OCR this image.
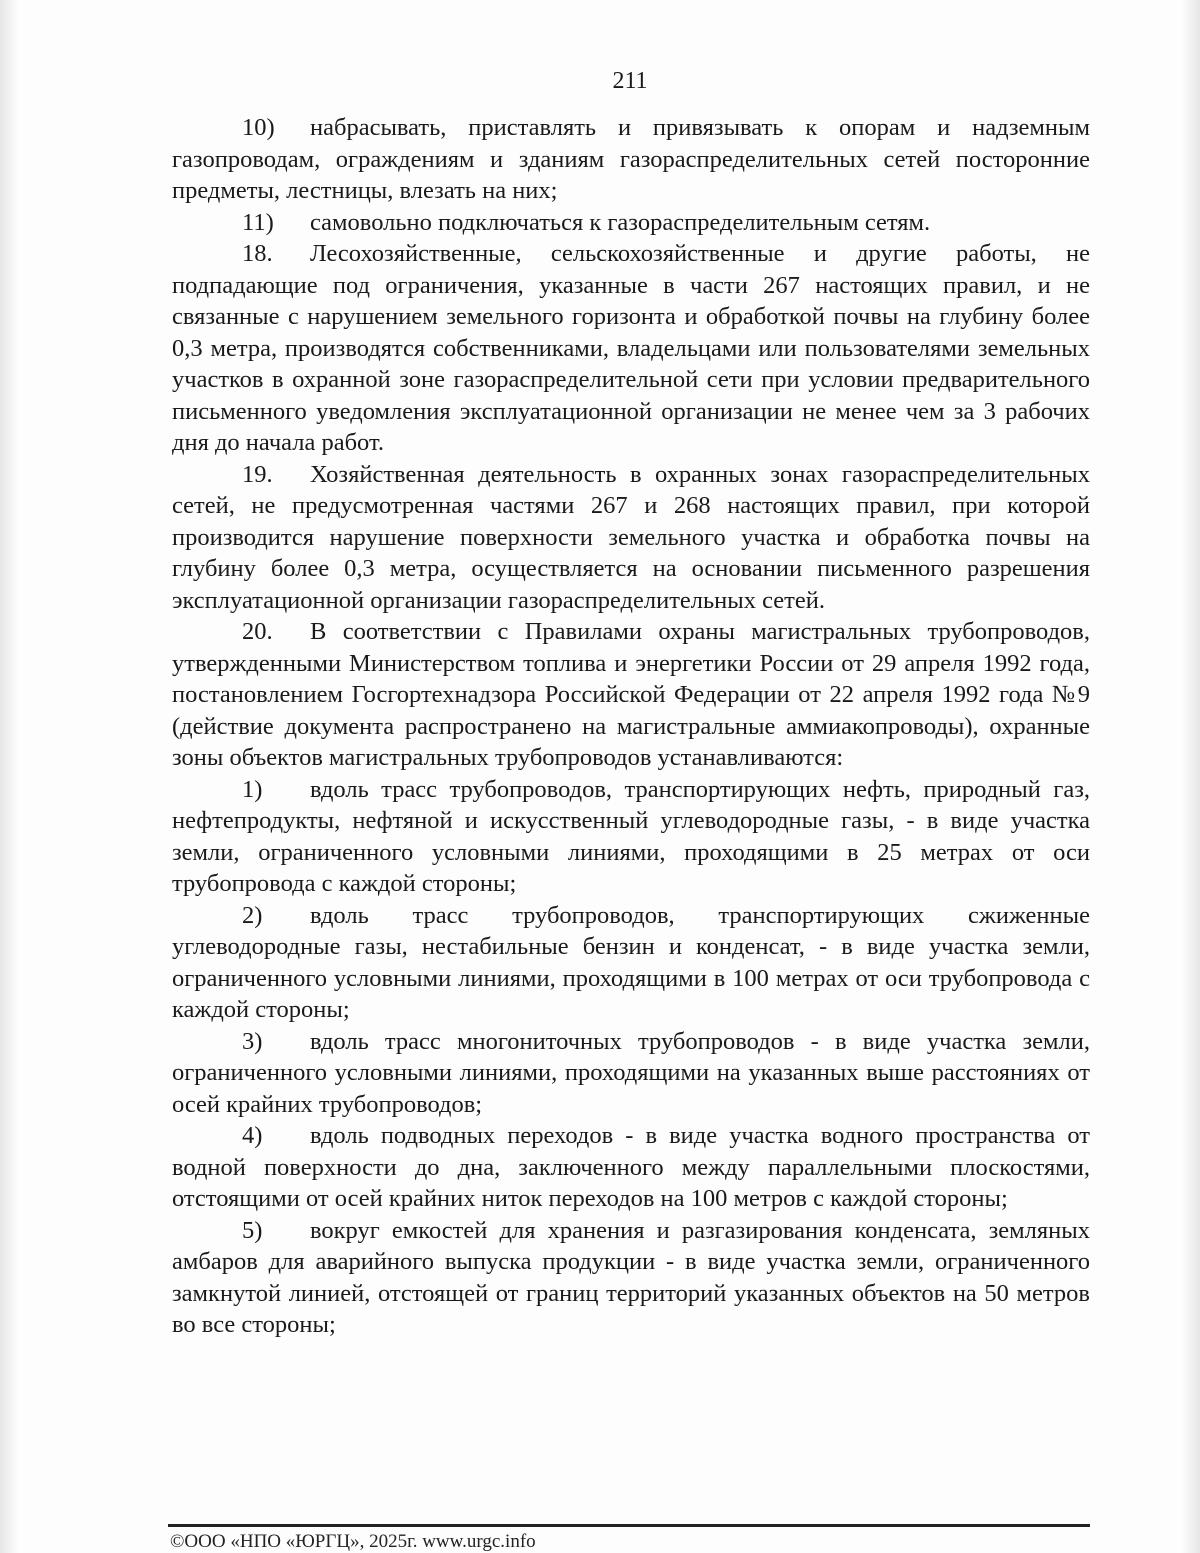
211

10) набрасывать, приставлять и привязывать к опорам и надземным газопроводам, ограждениям и зданиям газораспределительных сетей посторонние предметы, лестницы, влезать на них;

11) самовольно подключаться к газораспределительным сетям.

18. Лесохозяйственные, сельскохозяйственные и другие работы, не подпадающие под ограничения, указанные в части 267 настоящих правил, и не связанные с нарушением земельного горизонта и обработкой почвы на глубину более 0,3 метра, производятся собственниками, владельцами или пользователями земельных участков в охранной зоне газораспределительной сети при условии предварительного письменного уведомления эксплуатационной организации не менее чем за 3 рабочих дня до начала работ.

19. Хозяйственная деятельность в охранных зонах газораспределительных сетей, не предусмотренная частями 267 и 268 настоящих правил, при которой производится нарушение поверхности земельного участка и обработка почвы на глубину более 0,3 метра, осуществляется на основании письменного разрешения эксплуатационной организации газораспределительных сетей.

20. В соответствии с Правилами охраны магистральных трубопроводов, утвержденными Министерством топлива и энергетики России от 29 апреля 1992 года, постановлением Госгортехнадзора Российской Федерации от 22 апреля 1992 года №9 (действие документа распространено на магистральные аммиакопроводы), охранные зоны объектов магистральных трубопроводов устанавливаются:

1) вдоль трасс трубопроводов, транспортирующих нефть, природный газ, нефтепродукты, нефтяной и искусственный углеводородные газы, - в виде участка земли, ограниченного условными линиями, проходящими в 25 метрах от оси трубопровода с каждой стороны;

2) вдоль трасс трубопроводов, транспортирующих сжиженные углеводородные газы, нестабильные бензин и конденсат, - в виде участка земли, ограниченного условными линиями, проходящими в 100 метрах от оси трубопровода с каждой стороны;

3) вдоль трасс многониточных трубопроводов - в виде участка земли, ограниченного условными линиями, проходящими на указанных выше расстояниях от осей крайних трубопроводов;

4) вдоль подводных переходов - в виде участка водного пространства от водной поверхности до дна, заключенного между параллельными плоскостями, отстоящими от осей крайних ниток переходов на 100 метров с каждой стороны;

5) вокруг емкостей для хранения и разгазирования конденсата, земляных амбаров для аварийного выпуска продукции - в виде участка земли, ограниченного замкнутой линией, отстоящей от границ территорий указанных объектов на 50 метров во все стороны;

©ООО «НПО «ЮРГЦ», 2025г. www.urgc.info
